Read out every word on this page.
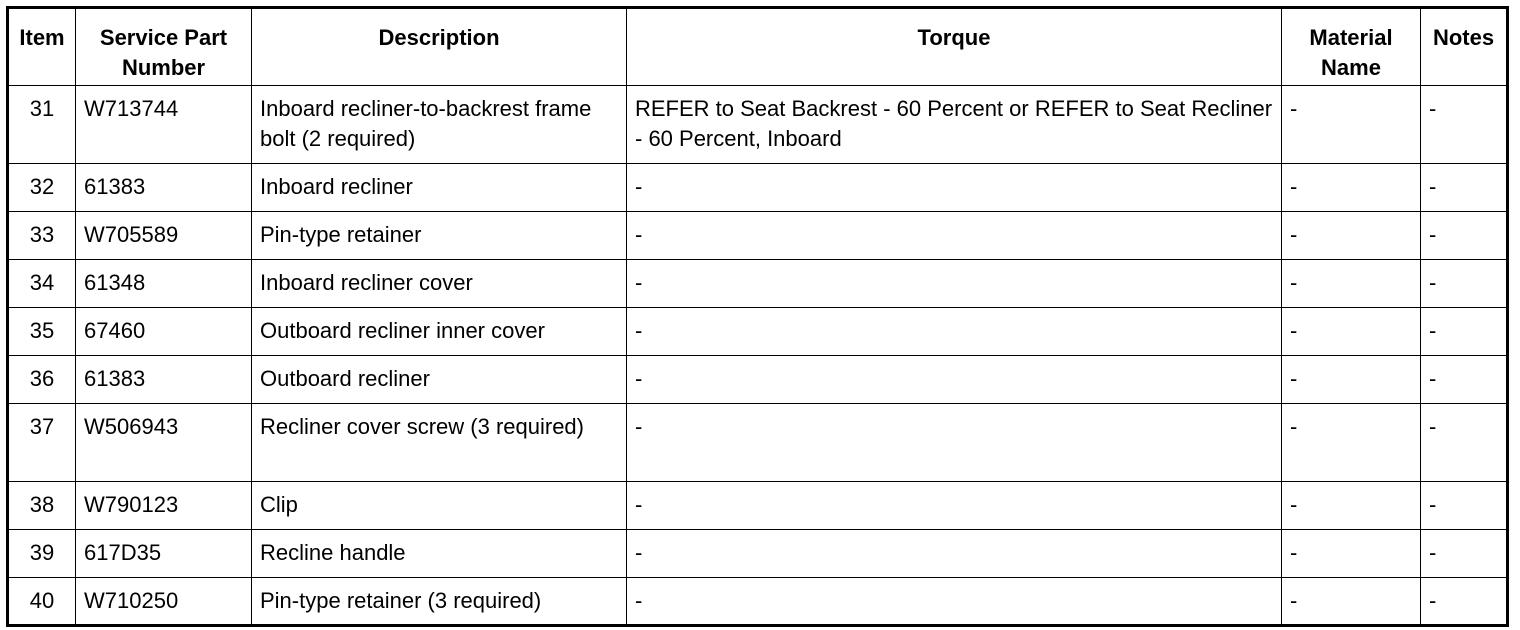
Item	Service Part Number	Description	Torque	Material Name	Notes
31	W713744	Inboard recliner-to-backrest frame bolt (2 required)	REFER to Seat Backrest - 60 Percent or REFER to Seat Recliner - 60 Percent, Inboard	-	-
32	61383	Inboard recliner	-	-	-
33	W705589	Pin-type retainer	-	-	-
34	61348	Inboard recliner cover	-	-	-
35	67460	Outboard recliner inner cover	-	-	-
36	61383	Outboard recliner	-	-	-
37	W506943	Recliner cover screw (3 required)	-	-	-
38	W790123	Clip	-	-	-
39	617D35	Recline handle	-	-	-
40	W710250	Pin-type retainer (3 required)	-	-	-
